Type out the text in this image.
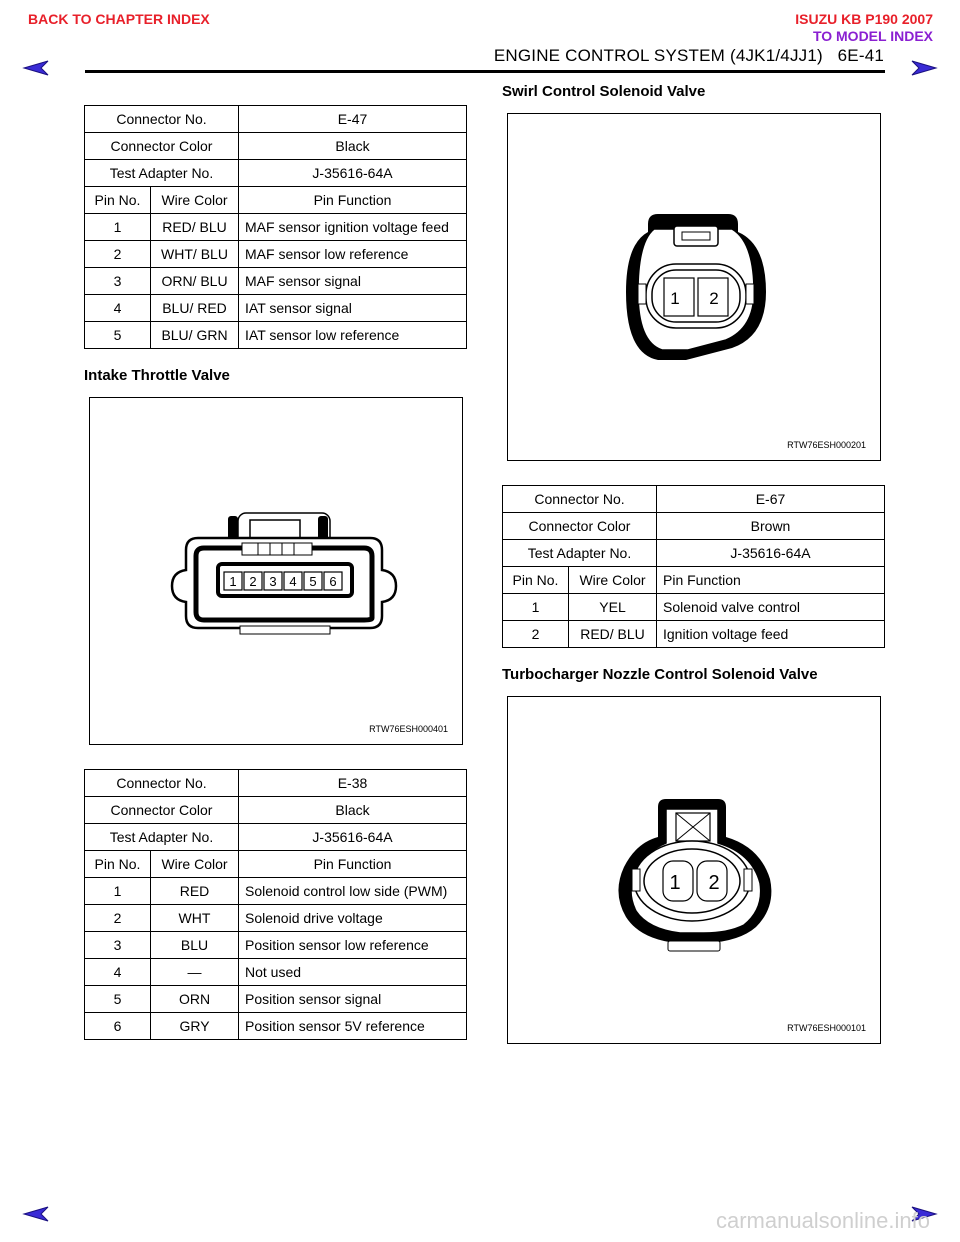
BACK TO CHAPTER INDEX	ISUZU KB P190 2007
TO MODEL INDEX
ENGINE CONTROL SYSTEM (4JK1/4JJ1)   6E-41
Connector No.		E-47
Connector Color		Black
Test Adapter No.		J-35616-64A
Pin No.	Wire Color	Pin Function
1	RED/ BLU	MAF sensor ignition voltage feed
2	WHT/ BLU	MAF sensor low reference
3	ORN/ BLU	MAF sensor signal
4	BLU/ RED	IAT sensor signal
5	BLU/ GRN	IAT sensor low reference
Intake Throttle Valve
1 2 3 4 5 6
RTW76ESH000401
Connector No.		E-38
Connector Color		Black
Test Adapter No.		J-35616-64A
Pin No.	Wire Color	Pin Function
1	RED	Solenoid control low side (PWM)
2	WHT	Solenoid drive voltage
3	BLU	Position sensor low reference
4	—	Not used
5	ORN	Position sensor signal
6	GRY	Position sensor 5V reference
Swirl Control Solenoid Valve
1 2
RTW76ESH000201
Connector No.		E-67
Connector Color		Brown
Test Adapter No.		J-35616-64A
Pin No.	Wire Color	Pin Function
1	YEL	Solenoid valve control
2	RED/ BLU	Ignition voltage feed
Turbocharger Nozzle Control Solenoid Valve
1 2
RTW76ESH000101
carmanualsonline.info
